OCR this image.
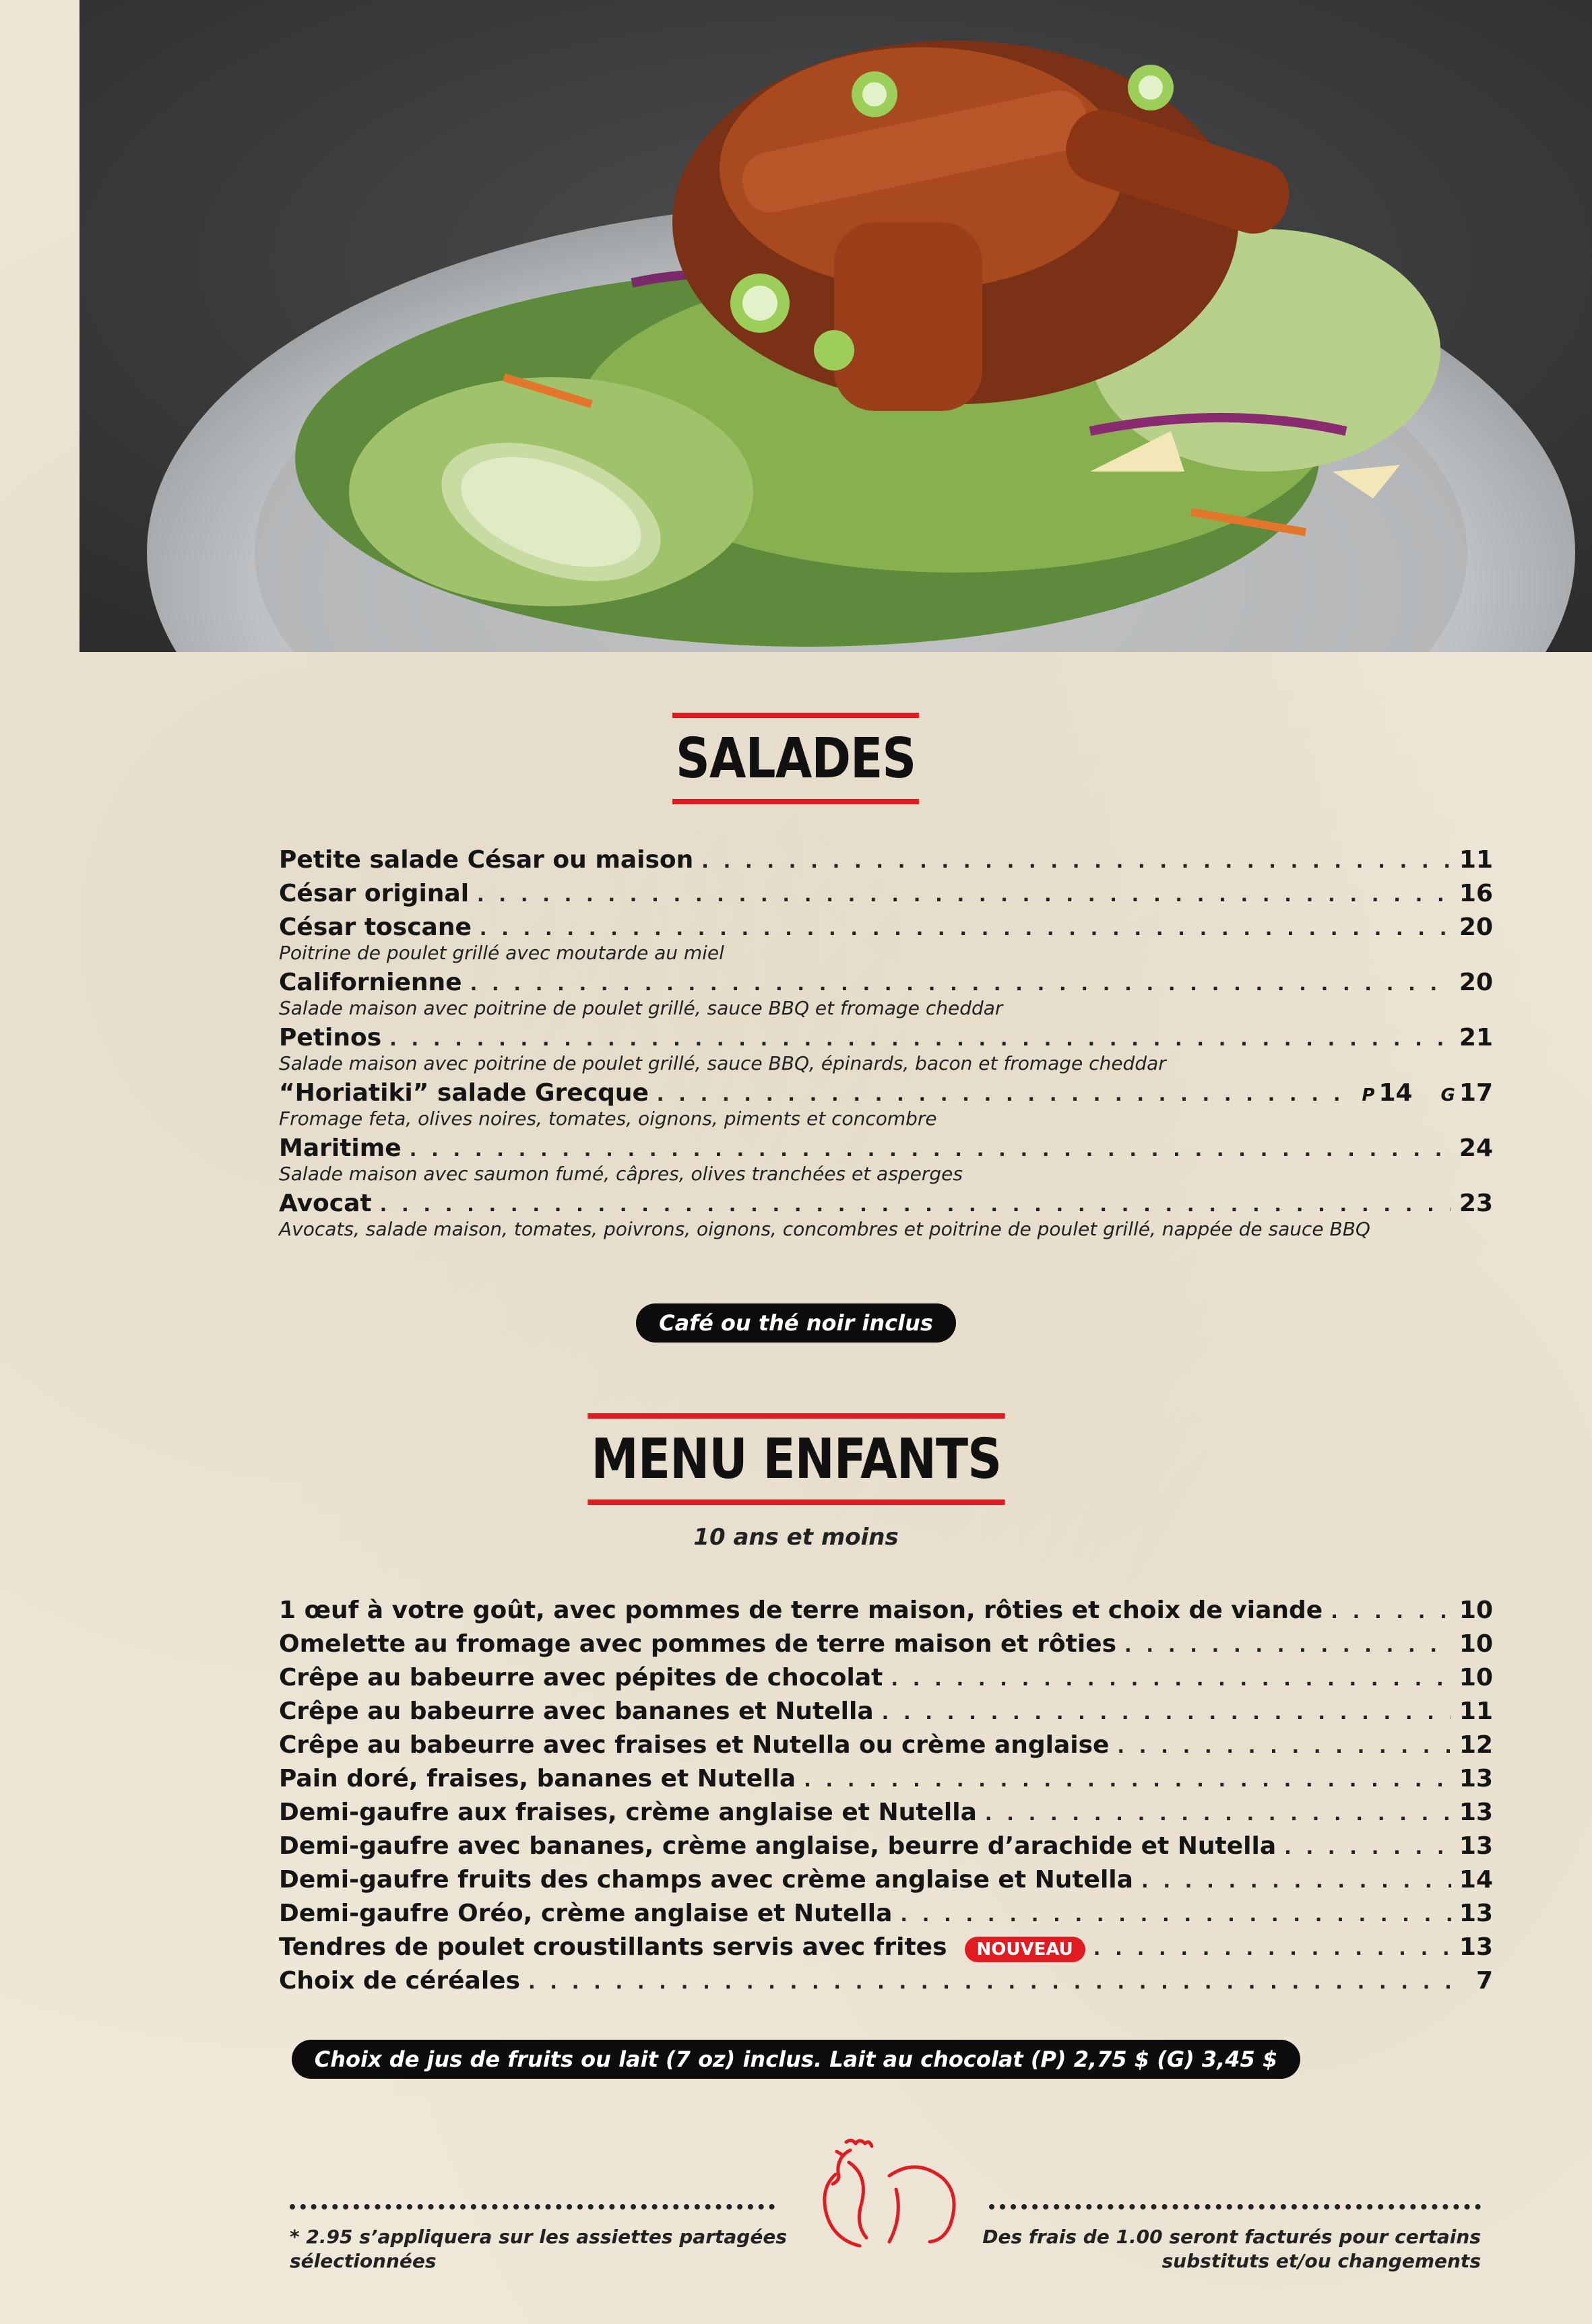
SALADES
Petite salade César ou maison . . .	11
César original . . .	16
César toscane . . .	20
Poitrine de poulet grillé avec moutarde au miel
Californienne . . .	20
Salade maison avec poitrine de poulet grillé, sauce BBQ et fromage cheddar
Petinos . . .	21
Salade maison avec poitrine de poulet grillé, sauce BBQ, épinards, bacon et fromage cheddar
“Horiatiki” salade Grecque . . .	P 14 G 17
Fromage feta, olives noires, tomates, oignons, piments et concombre
Maritime . . .	24
Salade maison avec saumon fumé, câpres, olives tranchées et asperges
Avocat . . .	23
Avocats, salade maison, tomates, poivrons, oignons, concombres et poitrine de poulet grillé, nappée de sauce BBQ
Café ou thé noir inclus
MENU ENFANTS
10 ans et moins
1 œuf à votre goût, avec pommes de terre maison, rôties et choix de viande . . .	10
Omelette au fromage avec pommes de terre maison et rôties . . .	10
Crêpe au babeurre avec pépites de chocolat . . .	10
Crêpe au babeurre avec bananes et Nutella . . .	11
Crêpe au babeurre avec fraises et Nutella ou crème anglaise . . .	12
Pain doré, fraises, bananes et Nutella . . .	13
Demi-gaufre aux fraises, crème anglaise et Nutella . . .	13
Demi-gaufre avec bananes, crème anglaise, beurre d’arachide et Nutella . . .	13
Demi-gaufre fruits des champs avec crème anglaise et Nutella . . .	14
Demi-gaufre Oréo, crème anglaise et Nutella . . .	13
Tendres de poulet croustillants servis avec frites	NOUVEAU . . .	13
Choix de céréales . . .	7
Choix de jus de fruits ou lait (7 oz) inclus. Lait au chocolat (P) 2,75 $ (G) 3,45 $
* 2.95 s’appliquera sur les assiettes partagées
sélectionnées
Des frais de 1.00 seront facturés pour certains
substituts et/ou changements
